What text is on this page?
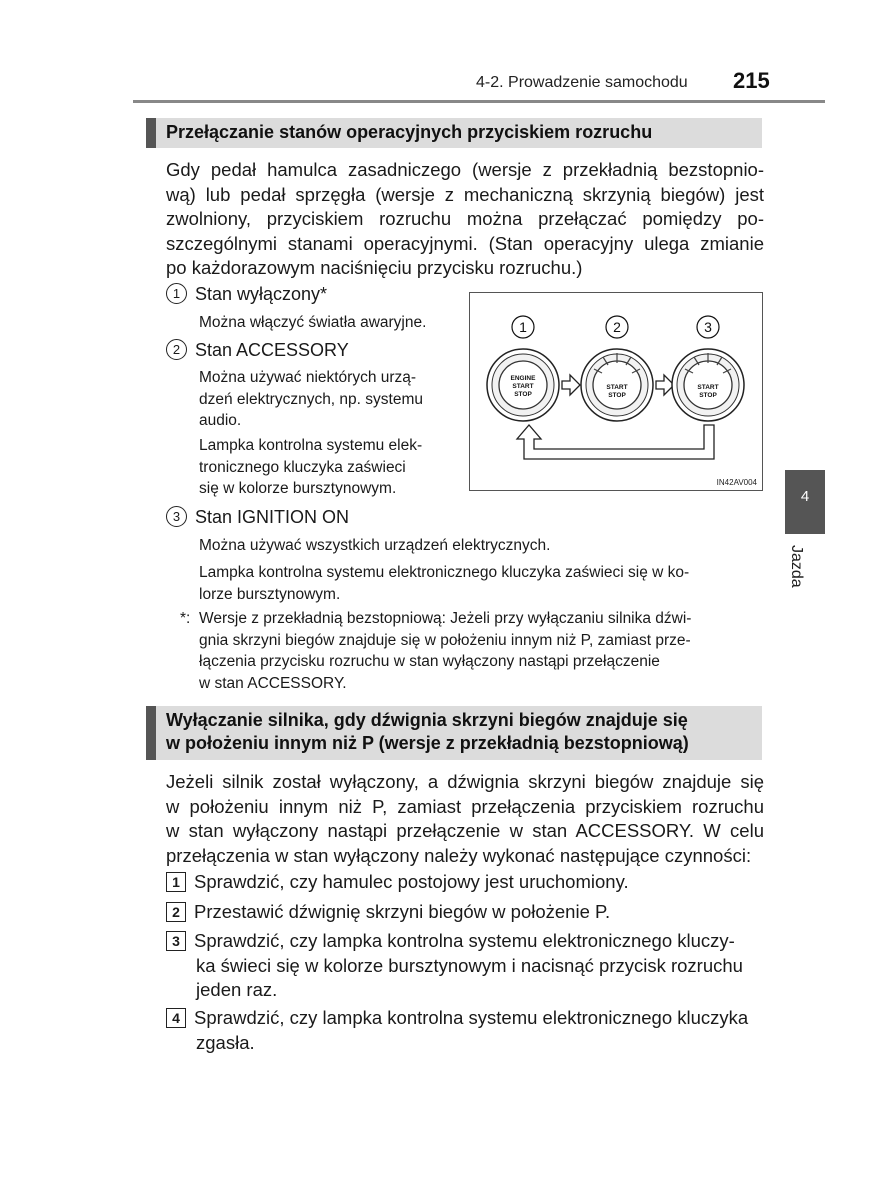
4-2. Prowadzenie samochodu 215
4
Jazda
Przełączanie stanów operacyjnych przyciskiem rozruchu
Gdy pedał hamulca zasadniczego (wersje z przekładnią bezstopnio-
wą) lub pedał sprzęgła (wersje z mechaniczną skrzynią biegów) jest
zwolniony, przyciskiem rozruchu można przełączać pomiędzy po-
szczególnymi stanami operacyjnymi. (Stan operacyjny ulega zmianie
po każdorazowym naciśnięciu przycisku rozruchu.)
1 Stan wyłączony*
Można włączyć światła awaryjne.
2 Stan ACCESSORY
Można używać niektórych urzą-
dzeń elektrycznych, np. systemu
audio.
Lampka kontrolna systemu elek-
tronicznego kluczyka zaświeci
się w kolorze bursztynowym.
3 Stan IGNITION ON
Można używać wszystkich urządzeń elektrycznych.
Lampka kontrolna systemu elektronicznego kluczyka zaświeci się w ko-
lorze bursztynowym.
*: Wersje z przekładnią bezstopniową: Jeżeli przy wyłączaniu silnika dźwi-
gnia skrzyni biegów znajduje się w położeniu innym niż P, zamiast prze-
łączenia przycisku rozruchu w stan wyłączony nastąpi przełączenie
w stan ACCESSORY.
1	2	3
ENGINE
START
STOP
START
STOP
START
STOP
IN42AV004
Wyłączanie silnika, gdy dźwignia skrzyni biegów znajduje się
w położeniu innym niż P (wersje z przekładnią bezstopniową)
Jeżeli silnik został wyłączony, a dźwignia skrzyni biegów znajduje się
w położeniu innym niż P, zamiast przełączenia przyciskiem rozruchu
w stan wyłączony nastąpi przełączenie w stan ACCESSORY. W celu
przełączenia w stan wyłączony należy wykonać następujące czynności:
1 Sprawdzić, czy hamulec postojowy jest uruchomiony.
2 Przestawić dźwignię skrzyni biegów w położenie P.
3 Sprawdzić, czy lampka kontrolna systemu elektronicznego kluczy-
ka świeci się w kolorze bursztynowym i nacisnąć przycisk rozruchu
jeden raz.
4 Sprawdzić, czy lampka kontrolna systemu elektronicznego kluczyka
zgasła.
